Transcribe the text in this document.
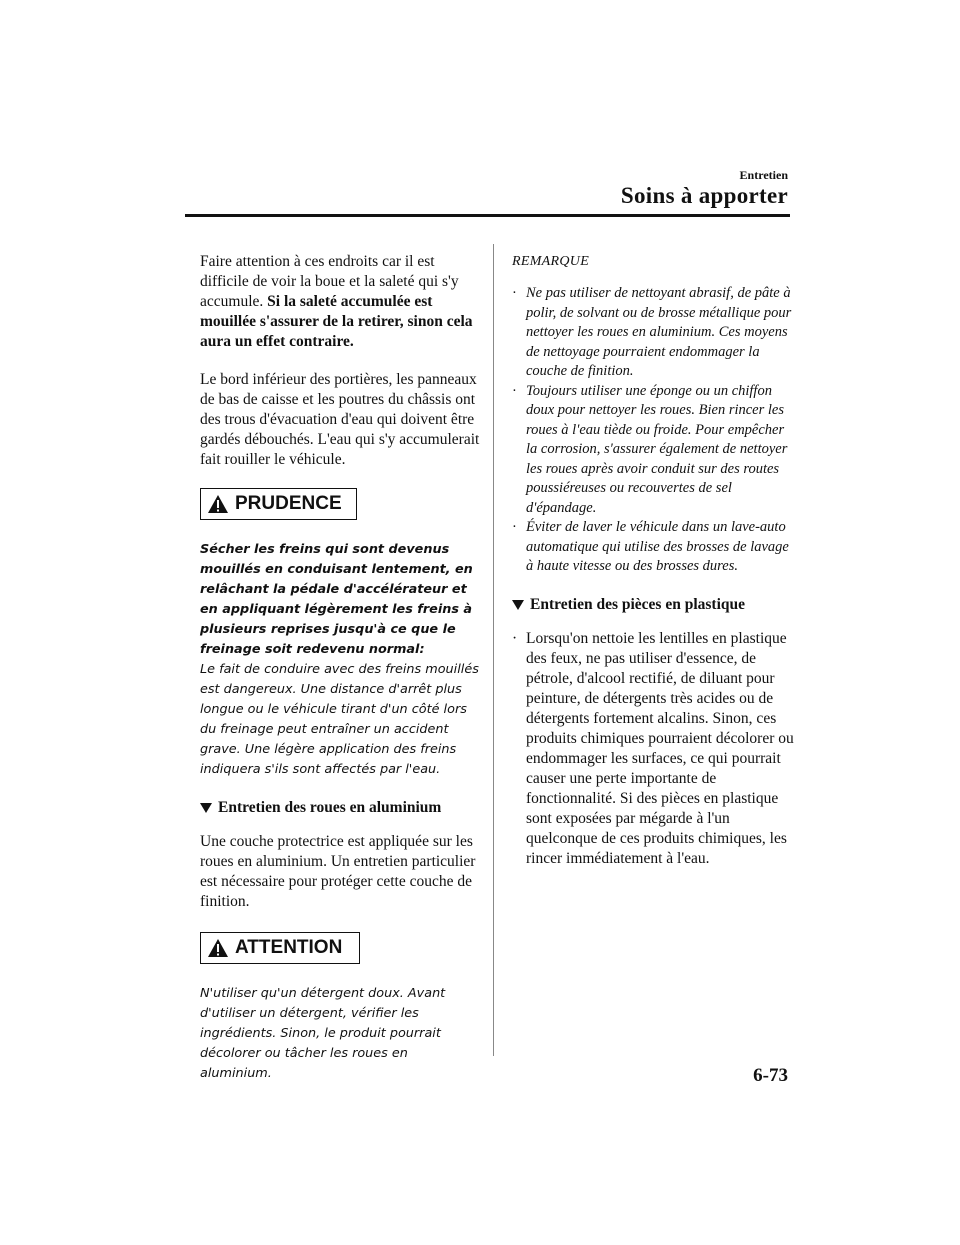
Entretien
Soins à apporter

Faire attention à ces endroits car il est difficile de voir la boue et la saleté qui s'y accumule. Si la saleté accumulée est mouillée s'assurer de la retirer, sinon cela aura un effet contraire.

Le bord inférieur des portières, les panneaux de bas de caisse et les poutres du châssis ont des trous d'évacuation d'eau qui doivent être gardés débouchés. L'eau qui s'y accumulerait fait rouiller le véhicule.

PRUDENCE
Sécher les freins qui sont devenus mouillés en conduisant lentement, en relâchant la pédale d'accélérateur et en appliquant légèrement les freins à plusieurs reprises jusqu'à ce que le freinage soit redevenu normal:
Le fait de conduire avec des freins mouillés est dangereux. Une distance d'arrêt plus longue ou le véhicule tirant d'un côté lors du freinage peut entraîner un accident grave. Une légère application des freins indiquera s'ils sont affectés par l'eau.
Entretien des roues en aluminium

Une couche protectrice est appliquée sur les roues en aluminium. Un entretien particulier est nécessaire pour protéger cette couche de finition.

ATTENTION
N'utiliser qu'un détergent doux. Avant d'utiliser un détergent, vérifier les ingrédients. Sinon, le produit pourrait décolorer ou tâcher les roues en aluminium.
REMARQUE
· Ne pas utiliser de nettoyant abrasif, de pâte à polir, de solvant ou de brosse métallique pour nettoyer les roues en aluminium. Ces moyens de nettoyage pourraient endommager la couche de finition.
· Toujours utiliser une éponge ou un chiffon doux pour nettoyer les roues. Bien rincer les roues à l'eau tiède ou froide. Pour empêcher la corrosion, s'assurer également de nettoyer les roues après avoir conduit sur des routes poussiéreuses ou recouvertes de sel d'épandage.
· Éviter de laver le véhicule dans un lave-auto automatique qui utilise des brosses de lavage à haute vitesse ou des brosses dures.
Entretien des pièces en plastique
· Lorsqu'on nettoie les lentilles en plastique des feux, ne pas utiliser d'essence, de pétrole, d'alcool rectifié, de diluant pour peinture, de détergents très acides ou de détergents fortement alcalins. Sinon, ces produits chimiques pourraient décolorer ou endommager les surfaces, ce qui pourrait causer une perte importante de fonctionnalité. Si des pièces en plastique sont exposées par mégarde à l'un quelconque de ces produits chimiques, les rincer immédiatement à l'eau.
6-73
